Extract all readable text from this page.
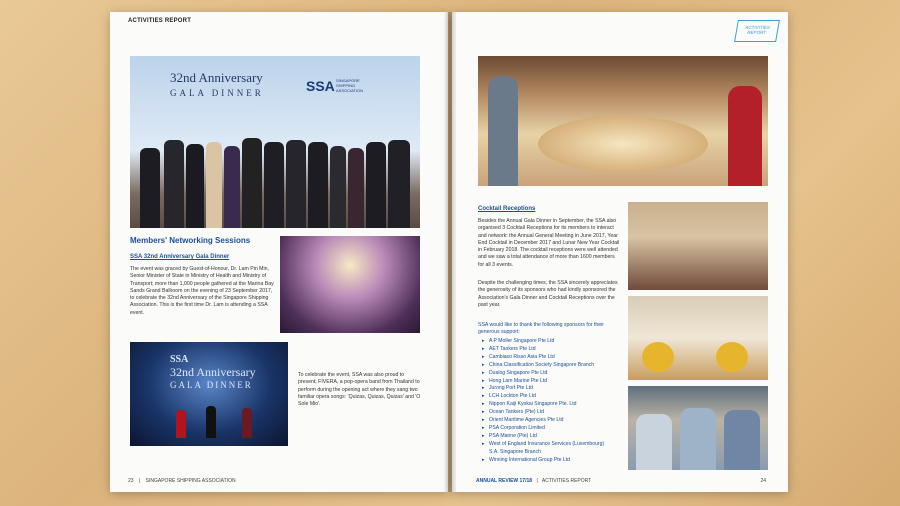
ACTIVITIES REPORT
32nd Anniversary
GALA DINNER	SSA SINGAPORE SHIPPING ASSOCIATION
Members' Networking Sessions
SSA 32nd Anniversary Gala Dinner
The event was graced by Guest-of-Honour, Dr. Lam Pin Min, Senior Minister of State in Ministry of Health and Ministry of Transport; more than 1,000 people gathered at the Marina Bay Sands Grand Ballroom on the evening of 23 September 2017, to celebrate the 32nd Anniversary of the Singapore Shipping Association. This is the first time Dr. Lam is attending a SSA event.
SSA
32nd Anniversary
GALA DINNER
To celebrate the event, SSA was also proud to present, FIVERA, a pop-opera band from Thailand to perform during the opening act where they sang two familiar opera songs: 'Quizas, Quizas, Quizas' and 'O Sole Mio'.
23 | SINGAPORE SHIPPING ASSOCIATION
ACTIVITIES REPORT
Cocktail Receptions
Besides the Annual Gala Dinner in September, the SSA also organised 3 Cocktail Receptions for its members to interact and network: the Annual General Meeting in June 2017, Year End Cocktail in December 2017 and Lunar New Year Cocktail in February 2018. The cocktail receptions were well attended and we saw a total attendance of more than 1600 members for all 3 events.
Despite the challenging times, the SSA sincerely appreciates the generosity of its sponsors who had kindly sponsored the Association's Gala Dinner and Cocktail Receptions over the past year.
SSA would like to thank the following sponsors for their generous support:
▸ A P Moller Singapore Pte Ltd
▸ AET Tankers Pte Ltd
▸ Cambiaso Risso Asia Pte Ltd
▸ China Classification Society Singapore Branch
▸ Dualog Singapore Pte Ltd
▸ Hong Lam Marine Pte Ltd
▸ Jurong Port Pte Ltd
▸ LCH Lockton Pte Ltd
▸ Nippon Kaiji Kyokai Singapore Pte. Ltd
▸ Ocean Tankers (Pte) Ltd
▸ Orient Maritime Agencies Pte Ltd
▸ PSA Corporation Limited
▸ PSA Marine (Pte) Ltd
▸ West of England Insurance Services (Luxembourg) S.A. Singapore Branch
▸ Winning International Group Pte Ltd
ANNUAL REVIEW 17/18 | ACTIVITIES REPORT	24
